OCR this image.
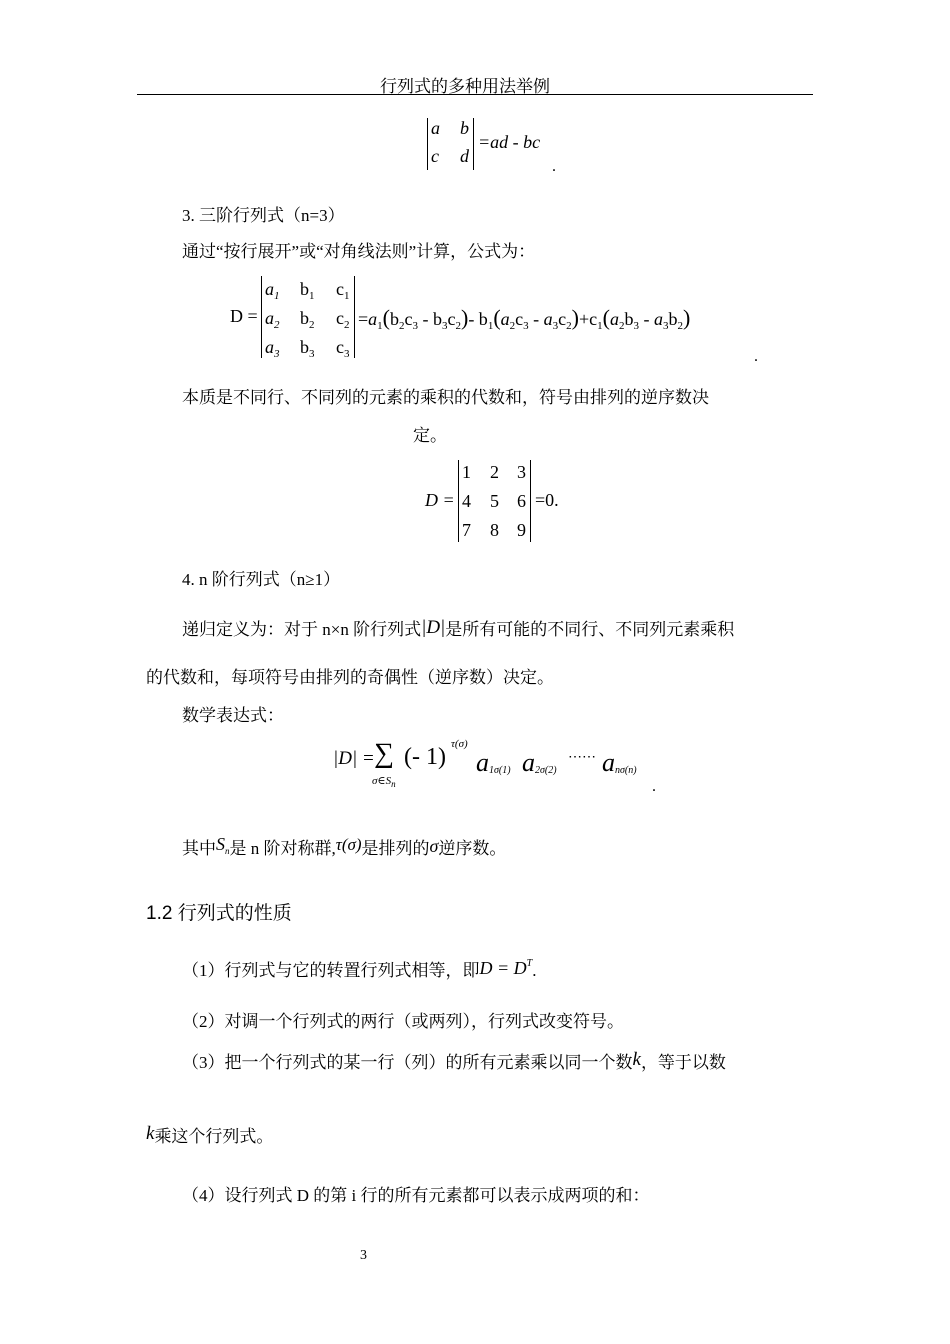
行列式的多种用法举例
a b
c d
=ad - bc
.
3. 三阶行列式（n=3）
通过“按行展开”或“对角线法则”计算，公式为：
D =
$a_1$ $b_1$ $c_1$
$a_2$ $b_2$ $c_2$
$a_3$ $b_3$ $c_3$
$=a_1(b_2c_3 - b_3c_2)-$ $b_1(a_2c_3 - a_3c_2)+c_1(a_2b_3 - a_3b_2)$
.
本质是不同行、不同列的元素的乘积的代数和，符号由排列的逆序数决
定。
D =
1 2 3
4 5 6
7 8 9
=0.
4. n 阶行列式（n≥1）
递归定义为：对于 n×n 阶行列式|D|是所有可能的不同行、不同列元素乘积
的代数和，每项符号由排列的奇偶性（逆序数）决定。
数学表达式：
|D| = ∑
$\sigma\in S_n$
(- 1) τ(σ)
$a_{1\sigma(1)}$ $a_{2\sigma(2)}$
⋯⋯ $a_{n\sigma(n)}$
.
其中$S_n$是 n 阶对称群,τ(σ)是排列的σ逆序数。
1.2 行列式的性质
（1）行列式与它的转置行列式相等，即$D = D^T$.
（2）对调一个行列式的两行（或两列），行列式改变符号。
（3）把一个行列式的某一行（列）的所有元素乘以同一个数k，等于以数
k乘这个行列式。
（4）设行列式 D 的第 i 行的所有元素都可以表示成两项的和：
3
